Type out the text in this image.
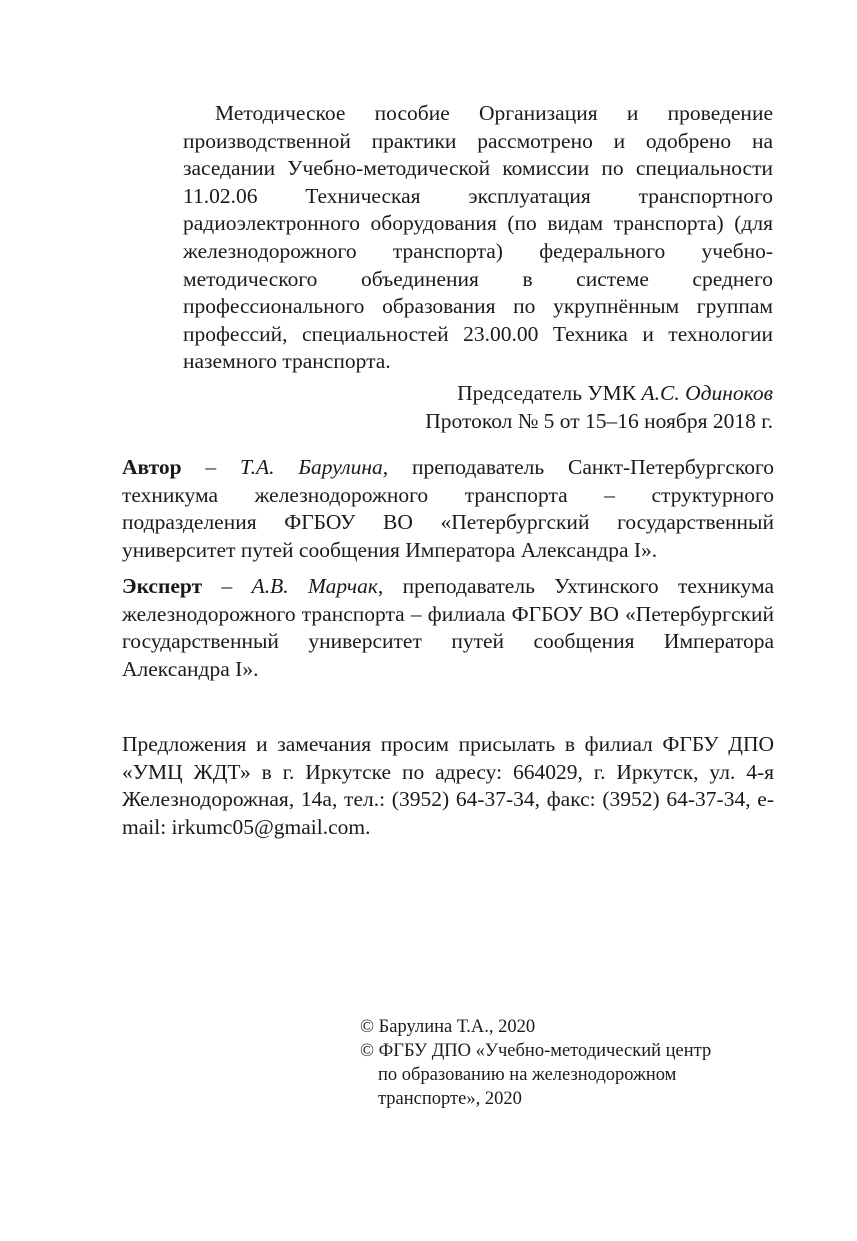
Методическое пособие Организация и проведение производственной практики рассмотрено и одобрено на заседании Учебно-методической комиссии по специальности 11.02.06 Техническая эксплуатация транспортного радиоэлектронного оборудования (по видам транспорта) (для железнодорожного транспорта) федерального учебно-методического объединения в системе среднего профессионального образования по укрупнённым группам профессий, специальностей 23.00.00 Техника и технологии наземного транспорта.

Председатель УМК А.С. Одиноков
Протокол № 5 от 15–16 ноября 2018 г.

Автор – Т.А. Барулина, преподаватель Санкт-Петербургского техникума железнодорожного транспорта – структурного подразделения ФГБОУ ВО «Петербургский государственный университет путей сообщения Императора Александра I».

Эксперт – А.В. Марчак, преподаватель Ухтинского техникума железнодорожного транспорта – филиала ФГБОУ ВО «Петербургский государственный университет путей сообщения Императора Александра I».

Предложения и замечания просим присылать в филиал ФГБУ ДПО «УМЦ ЖДТ» в г. Иркутске по адресу: 664029, г. Иркутск, ул. 4-я Железнодорожная, 14а, тел.: (3952) 64-37-34, факс: (3952) 64-37-34, e-mail: irkumc05@gmail.com.

© Барулина Т.А., 2020
© ФГБУ ДПО «Учебно-методический центр
по образованию на железнодорожном
транспорте», 2020
